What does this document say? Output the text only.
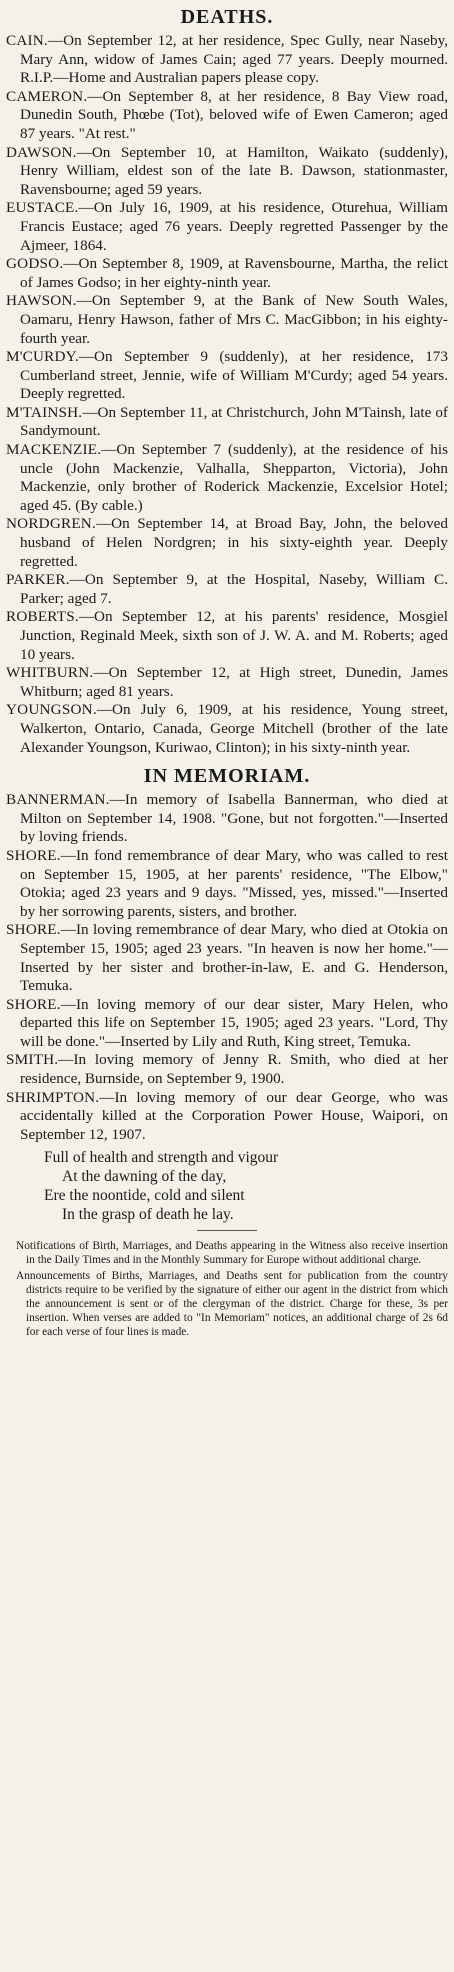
DEATHS.

CAIN.—On September 12, at her residence, Spec Gully, near Naseby, Mary Ann, widow of James Cain; aged 77 years. Deeply mourned. R.I.P.—Home and Australian papers please copy.

CAMERON.—On September 8, at her residence, 8 Bay View road, Dunedin South, Phœbe (Tot), beloved wife of Ewen Cameron; aged 87 years. "At rest."

DAWSON.—On September 10, at Hamilton, Waikato (suddenly), Henry William, eldest son of the late B. Dawson, stationmaster, Ravensbourne; aged 59 years.

EUSTACE.—On July 16, 1909, at his residence, Oturehua, William Francis Eustace; aged 76 years. Deeply regretted Passenger by the Ajmeer, 1864.

GODSO.—On September 8, 1909, at Ravensbourne, Martha, the relict of James Godso; in her eighty-ninth year.

HAWSON.—On September 9, at the Bank of New South Wales, Oamaru, Henry Hawson, father of Mrs C. MacGibbon; in his eighty-fourth year.

M'CURDY.—On September 9 (suddenly), at her residence, 173 Cumberland street, Jennie, wife of William M'Curdy; aged 54 years. Deeply regretted.

M'TAINSH.—On September 11, at Christchurch, John M'Tainsh, late of Sandymount.

MACKENZIE.—On September 7 (suddenly), at the residence of his uncle (John Mackenzie, Valhalla, Shepparton, Victoria), John Mackenzie, only brother of Roderick Mackenzie, Excelsior Hotel; aged 45. (By cable.)

NORDGREN.—On September 14, at Broad Bay, John, the beloved husband of Helen Nordgren; in his sixty-eighth year. Deeply regretted.

PARKER.—On September 9, at the Hospital, Naseby, William C. Parker; aged 7.

ROBERTS.—On September 12, at his parents' residence, Mosgiel Junction, Reginald Meek, sixth son of J. W. A. and M. Roberts; aged 10 years.

WHITBURN.—On September 12, at High street, Dunedin, James Whitburn; aged 81 years.

YOUNGSON.—On July 6, 1909, at his residence, Young street, Walkerton, Ontario, Canada, George Mitchell (brother of the late Alexander Youngson, Kuriwao, Clinton); in his sixty-ninth year.

IN MEMORIAM.

BANNERMAN.—In memory of Isabella Bannerman, who died at Milton on September 14, 1908. "Gone, but not forgotten."—Inserted by loving friends.

SHORE.—In fond remembrance of dear Mary, who was called to rest on September 15, 1905, at her parents' residence, "The Elbow," Otokia; aged 23 years and 9 days. "Missed, yes, missed."—Inserted by her sorrowing parents, sisters, and brother.

SHORE.—In loving remembrance of dear Mary, who died at Otokia on September 15, 1905; aged 23 years. "In heaven is now her home."—Inserted by her sister and brother-in-law, E. and G. Henderson, Temuka.

SHORE.—In loving memory of our dear sister, Mary Helen, who departed this life on September 15, 1905; aged 23 years. "Lord, Thy will be done."—Inserted by Lily and Ruth, King street, Temuka.

SMITH.—In loving memory of Jenny R. Smith, who died at her residence, Burnside, on September 9, 1900.

SHRIMPTON.—In loving memory of our dear George, who was accidentally killed at the Corporation Power House, Waipori, on September 12, 1907.

Full of health and strength and vigour
At the dawning of the day,
Ere the noontide, cold and silent
In the grasp of death he lay.

Notifications of Birth, Marriages, and Deaths appearing in the Witness also receive insertion in the Daily Times and in the Monthly Summary for Europe without additional charge.

Announcements of Births, Marriages, and Deaths sent for publication from the country districts require to be verified by the signature of either our agent in the district from which the announcement is sent or of the clergyman of the district. Charge for these, 3s per insertion. When verses are added to "In Memoriam" notices, an additional charge of 2s 6d for each verse of four lines is made.
